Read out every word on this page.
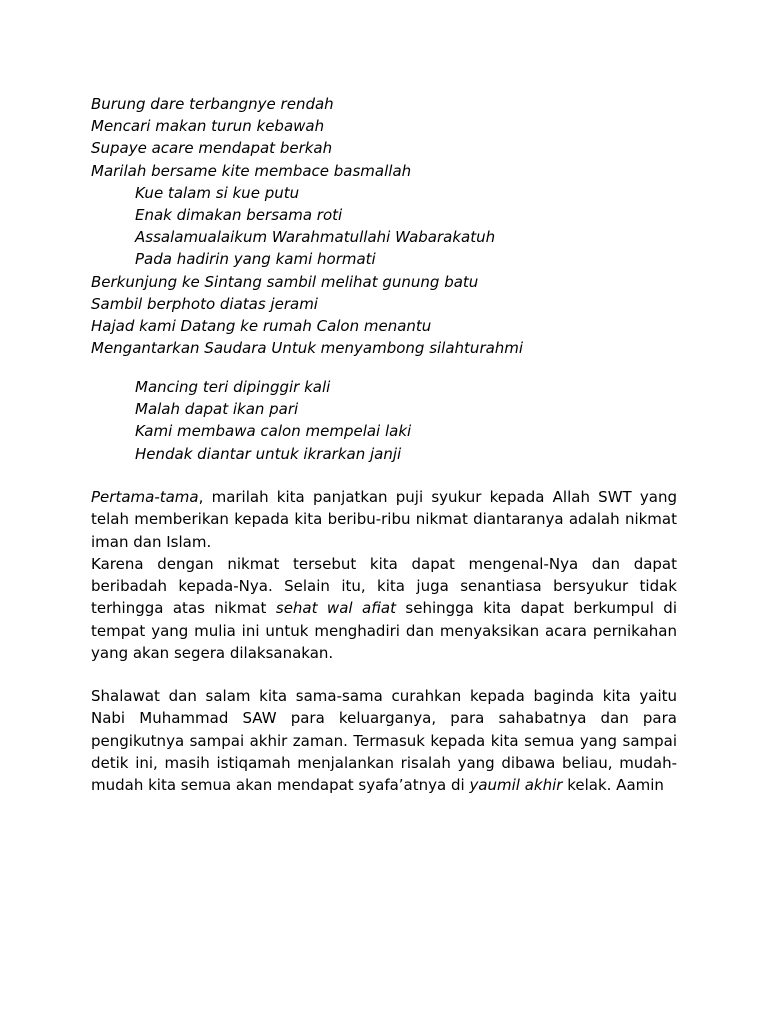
Burung dare terbangnye rendah
Mencari makan turun kebawah
Supaye acare mendapat berkah
Marilah bersame kite membace basmallah
Kue talam si kue putu
Enak dimakan bersama roti
Assalamualaikum Warahmatullahi Wabarakatuh
Pada hadirin yang kami hormati
Berkunjung ke Sintang sambil melihat gunung batu
Sambil berphoto diatas jerami
Hajad kami Datang ke rumah Calon menantu
Mengantarkan Saudara Untuk menyambong silahturahmi
Mancing teri dipinggir kali
Malah dapat ikan pari
Kami membawa calon mempelai laki
Hendak diantar untuk ikrarkan janji

Pertama-tama, marilah kita panjatkan puji syukur kepada Allah SWT yang telah memberikan kepada kita beribu-ribu nikmat diantaranya adalah nikmat iman dan Islam.

Karena dengan nikmat tersebut kita dapat mengenal-Nya dan dapat beribadah kepada-Nya. Selain itu, kita juga senantiasa bersyukur tidak terhingga atas nikmat sehat wal afiat sehingga kita dapat berkumpul di tempat yang mulia ini untuk menghadiri dan menyaksikan acara pernikahan yang akan segera dilaksanakan.

Shalawat dan salam kita sama-sama curahkan kepada baginda kita yaitu Nabi Muhammad SAW para keluarganya, para sahabatnya dan para pengikutnya sampai akhir zaman. Termasuk kepada kita semua yang sampai detik ini, masih istiqamah menjalankan risalah yang dibawa beliau, mudah-mudah kita semua akan mendapat syafa’atnya di yaumil akhir kelak. Aamin
